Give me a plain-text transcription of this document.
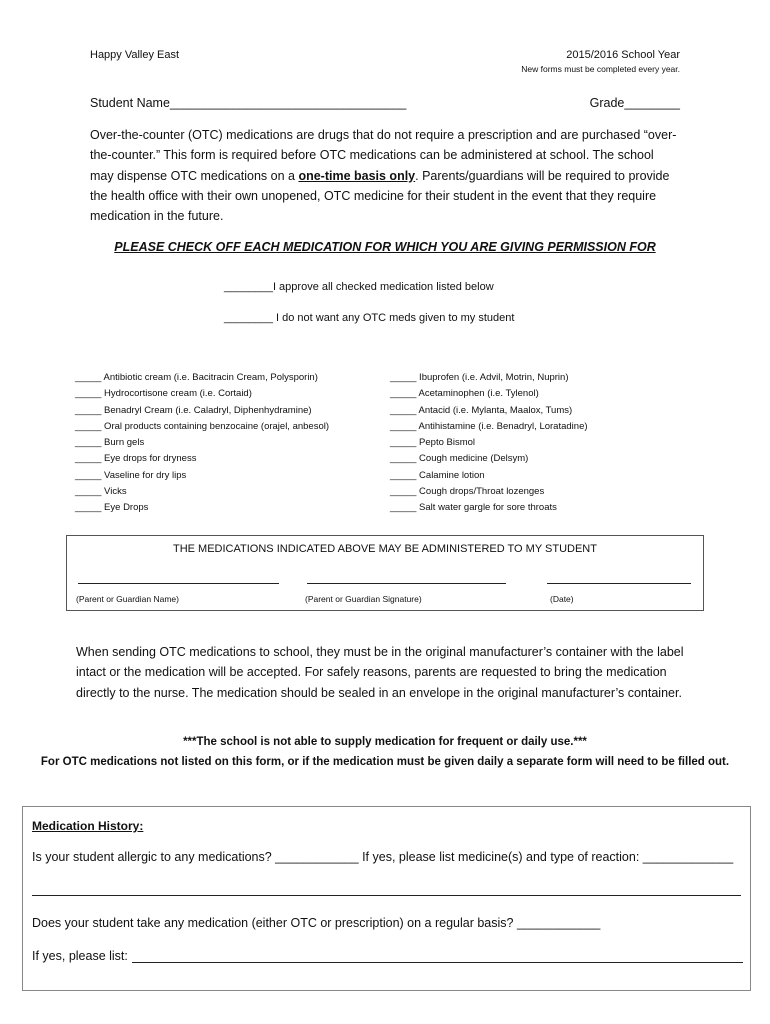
Happy Valley East	2015/2016 School Year
New forms must be completed every year.
Student Name__________________________________	Grade________
Over-the-counter (OTC) medications are drugs that do not require a prescription and are purchased “over-the-counter.” This form is required before OTC medications can be administered at school. The school may dispense OTC medications on a one-time basis only. Parents/guardians will be required to provide the health office with their own unopened, OTC medicine for their student in the event that they require medication in the future.
PLEASE CHECK OFF EACH MEDICATION FOR WHICH YOU ARE GIVING PERMISSION FOR
________I approve all checked medication listed below
________ I do not want any OTC meds given to my student
_____ Antibiotic cream (i.e. Bacitracin Cream, Polysporin)
_____ Hydrocortisone cream (i.e. Cortaid)
_____ Benadryl Cream (i.e. Caladryl, Diphenhydramine)
_____ Oral products containing benzocaine (orajel, anbesol)
_____ Burn gels
_____ Eye drops for dryness
_____ Vaseline for dry lips
_____ Vicks
_____ Eye Drops
_____ Ibuprofen (i.e. Advil, Motrin, Nuprin)
_____ Acetaminophen (i.e. Tylenol)
_____ Antacid (i.e. Mylanta, Maalox, Tums)
_____ Antihistamine (i.e. Benadryl, Loratadine)
_____ Pepto Bismol
_____ Cough medicine (Delsym)
_____ Calamine lotion
_____ Cough drops/Throat lozenges
_____ Salt water gargle for sore throats
THE MEDICATIONS INDICATED ABOVE MAY BE ADMINISTERED TO MY STUDENT
(Parent or Guardian Name)	(Parent or Guardian Signature)	(Date)
When sending OTC medications to school, they must be in the original manufacturer’s container with the label intact or the medication will be accepted. For safely reasons, parents are requested to bring the medication directly to the nurse. The medication should be sealed in an envelope in the original manufacturer’s container.
***The school is not able to supply medication for frequent or daily use.***
For OTC medications not listed on this form, or if the medication must be given daily a separate form will need to be filled out.
Medication History:
Is your student allergic to any medications? ____________ If yes, please list medicine(s) and type of reaction: _____________
Does your student take any medication (either OTC or prescription) on a regular basis? ____________
If yes, please list:
